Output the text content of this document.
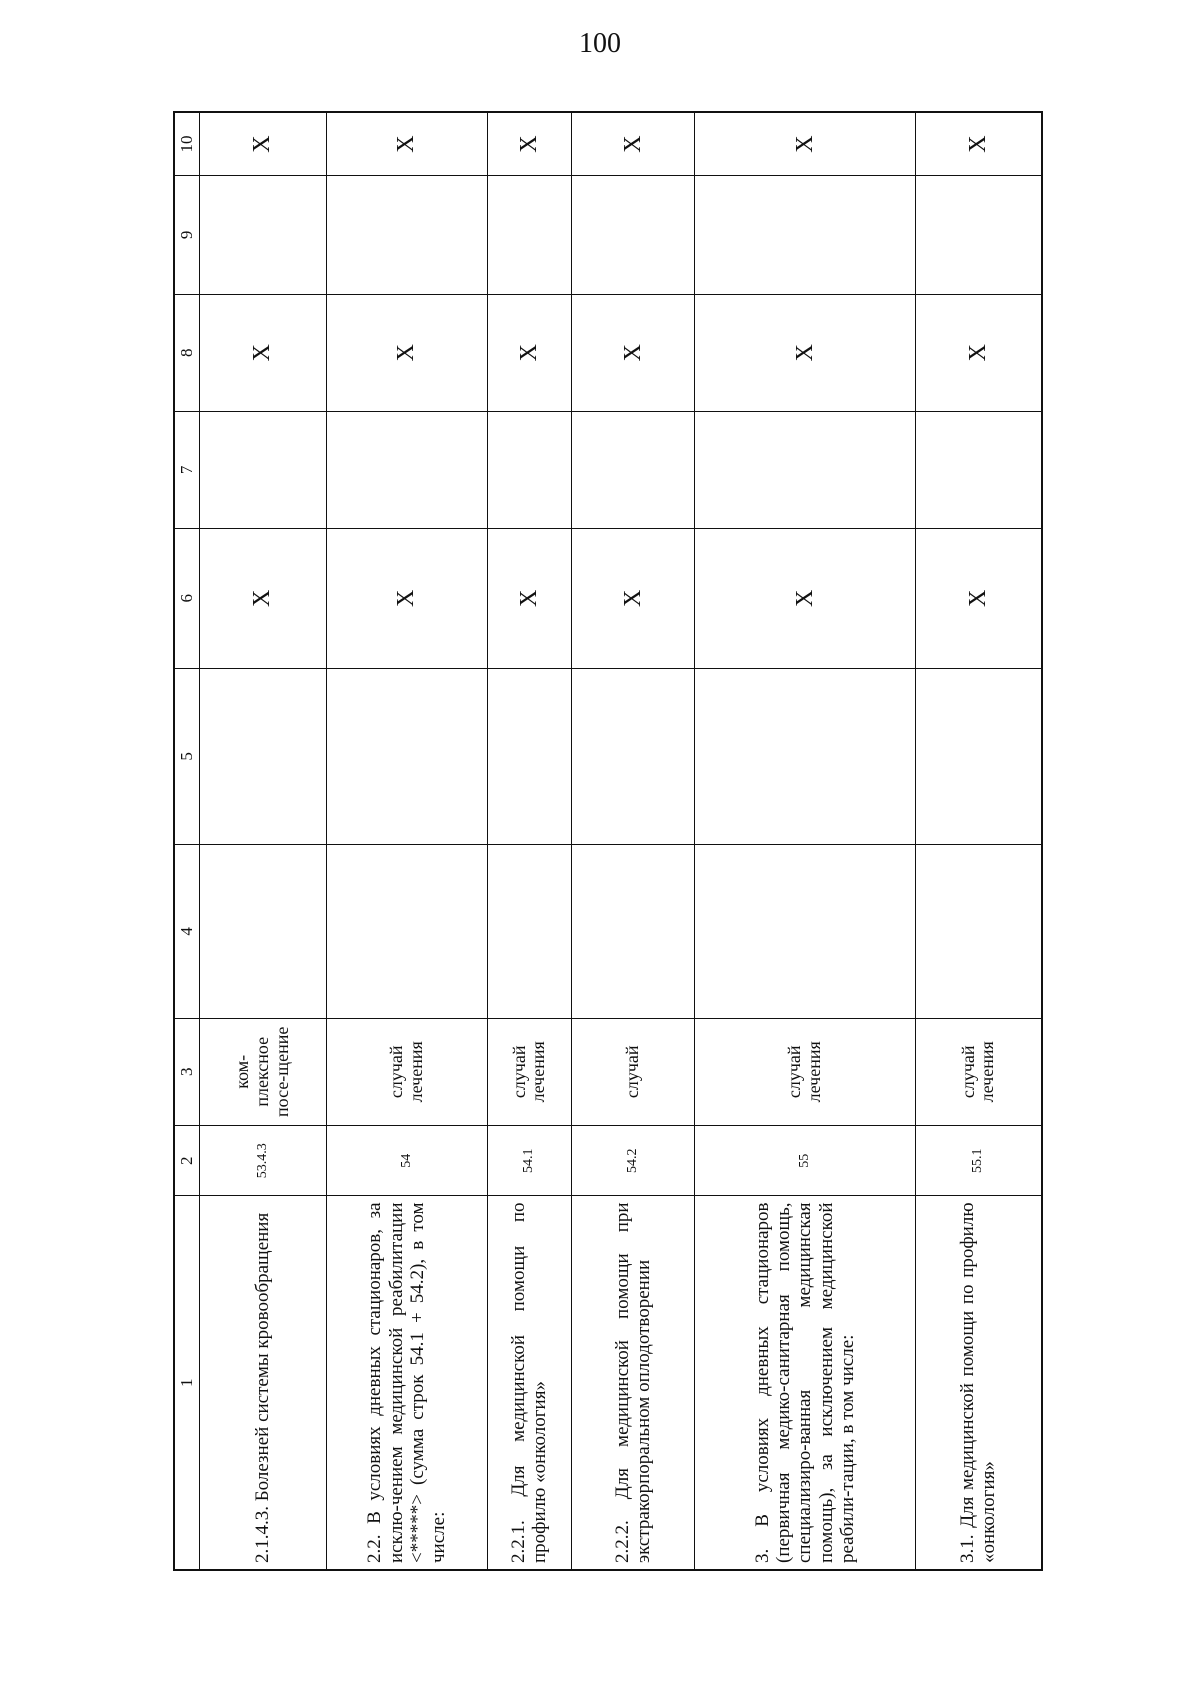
100
1	2	3	4	5	6	7	8	9	10
2.1.4.3. Болезней системы кровообращения	53.4.3	ком-плексное посе-щение			X		X		X
2.2. В условиях дневных стационаров, за исклю-чением медицинской реабилитации <*****> (сумма строк 54.1 + 54.2), в том числе:	54	случай лечения			X		X		X
2.2.1. Для медицинской помощи по профилю «онкология»	54.1	случай лечения			X		X		X
2.2.2. Для медицинской помощи при экстракорпоральном оплодотворении	54.2	случай			X		X		X
3. В условиях дневных стационаров (первичная медико-санитарная помощь, специализиро-ванная медицинская помощь), за исключением медицинской реабили-тации, в том числе:	55	случай лечения			X		X		X
3.1. Для медицинской помощи по профилю «онкология»	55.1	случай лечения			X		X		X
